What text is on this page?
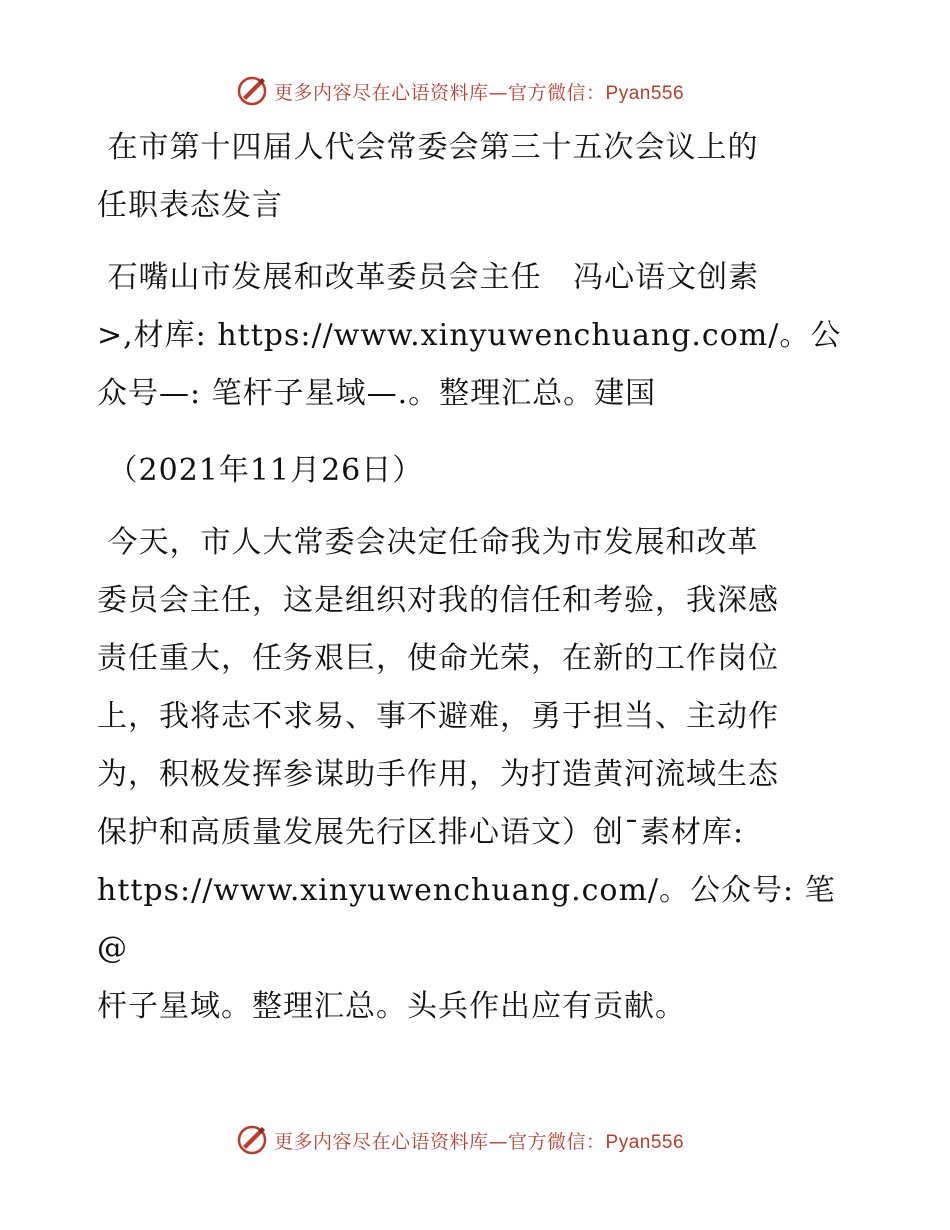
更多内容尽在心语资料库—官方微信：Pyan556

在市第十四届人代会常委会第三十五次会议上的
任职表态发言

石嘴山市发展和改革委员会主任   冯心语文创素
>,材库: https://www.xinyuwenchuang.com/。公
众号—: 笔杆子星域—.。整理汇总。建国

（2021年11月26日）

今天，市人大常委会决定任命我为市发展和改革
委员会主任，这是组织对我的信任和考验，我深感
责任重大，任务艰巨，使命光荣，在新的工作岗位
上，我将志不求易、事不避难，勇于担当、主动作
为，积极发挥参谋助手作用，为打造黄河流域生态
保护和高质量发展先行区排心语文）创¯素材库:
https://www.xinyuwenchuang.com/。公众号: 笔@
杆子星域。整理汇总。头兵作出应有贡献。

更多内容尽在心语资料库—官方微信：Pyan556
